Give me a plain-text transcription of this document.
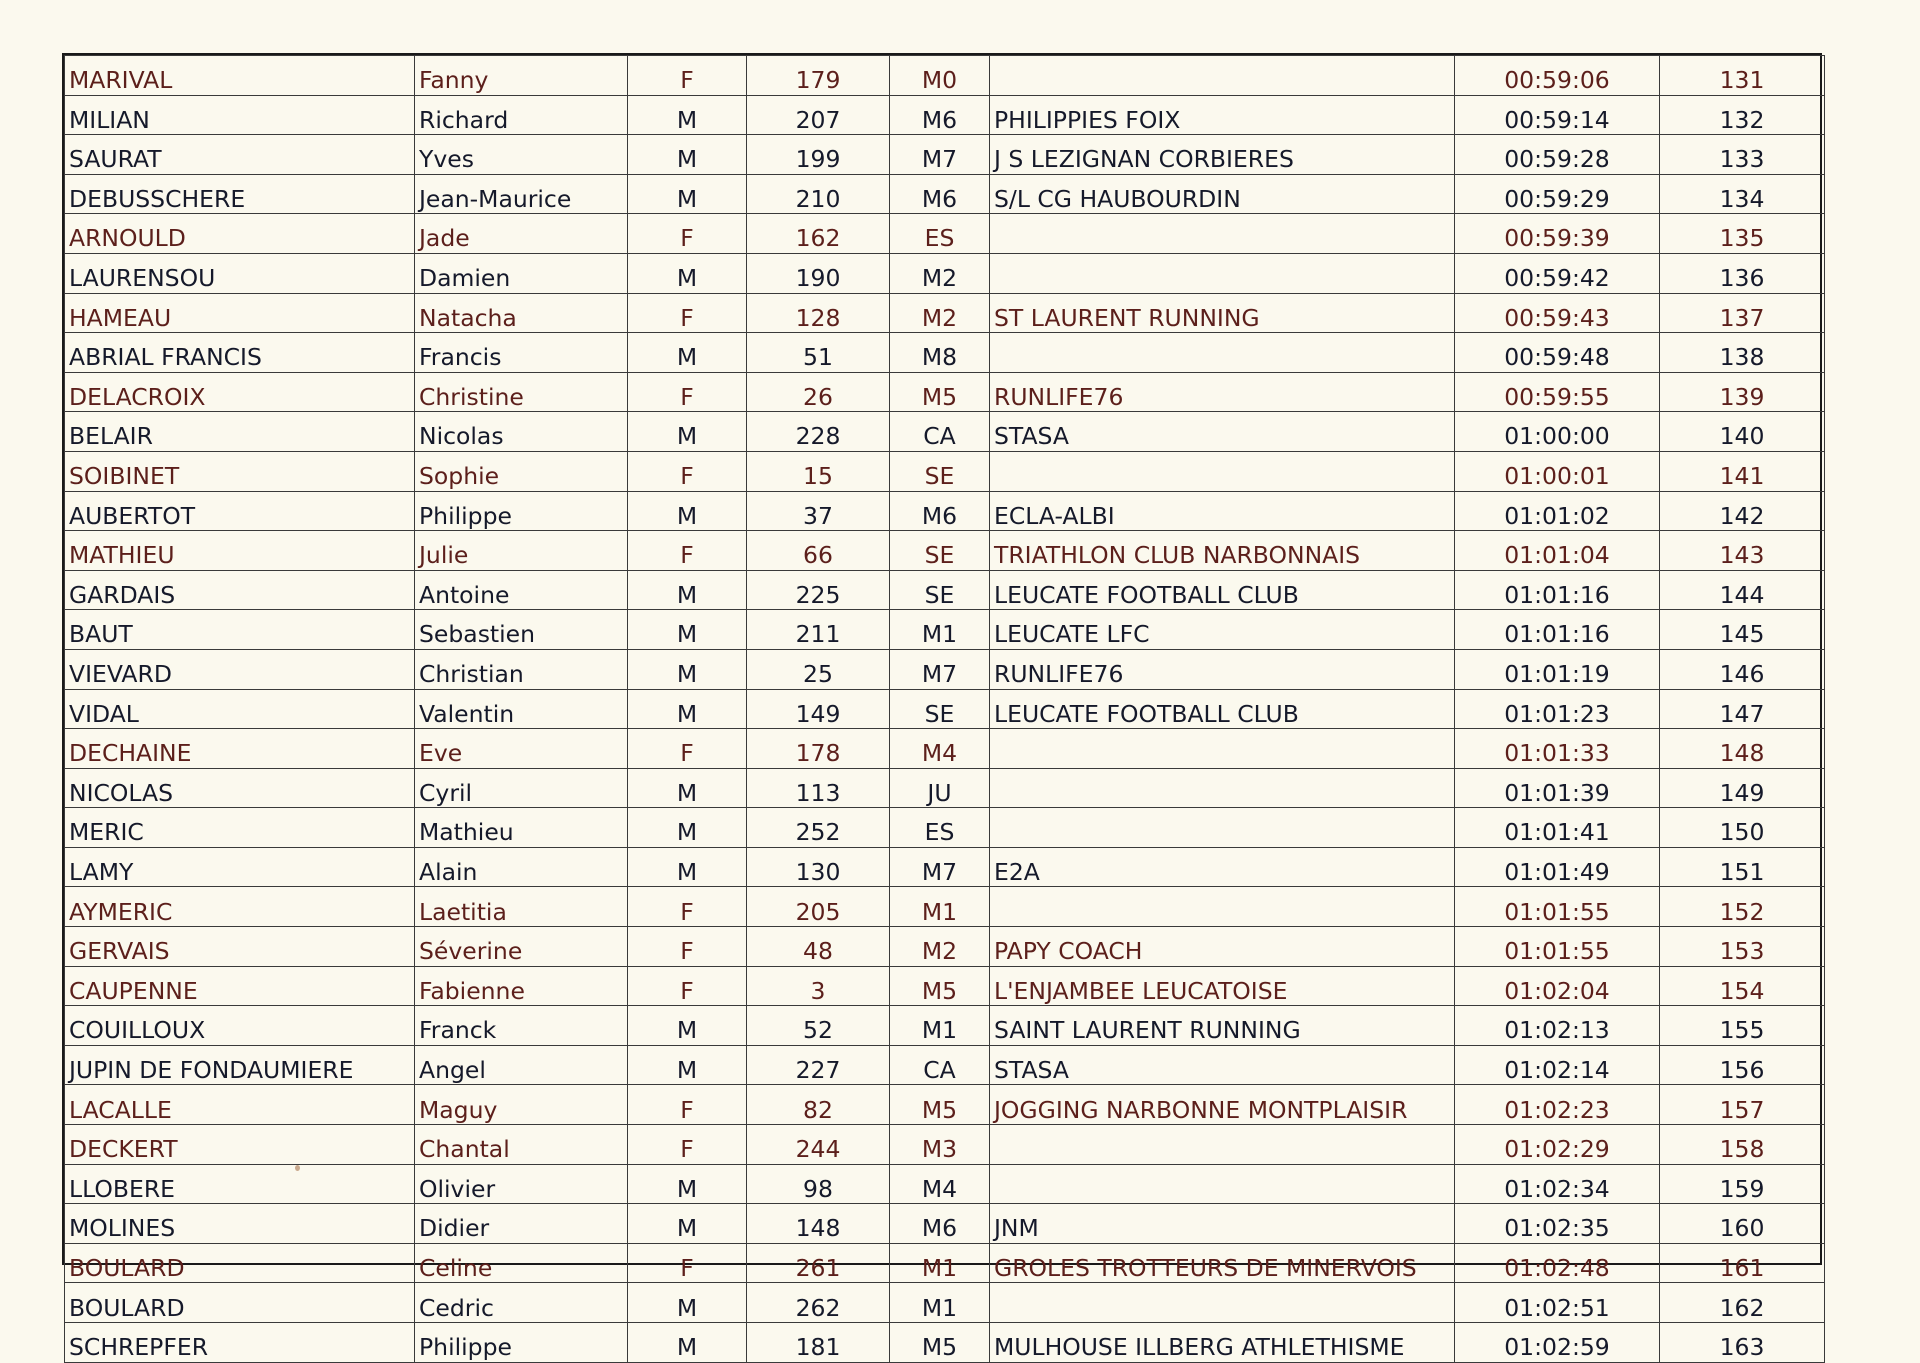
MARIVAL	Fanny	F	179	M0		00:59:06	131
MILIAN	Richard	M	207	M6	PHILIPPIES FOIX	00:59:14	132
SAURAT	Yves	M	199	M7	J S LEZIGNAN CORBIERES	00:59:28	133
DEBUSSCHERE	Jean-Maurice	M	210	M6	S/L CG HAUBOURDIN	00:59:29	134
ARNOULD	Jade	F	162	ES		00:59:39	135
LAURENSOU	Damien	M	190	M2		00:59:42	136
HAMEAU	Natacha	F	128	M2	ST LAURENT RUNNING	00:59:43	137
ABRIAL FRANCIS	Francis	M	51	M8		00:59:48	138
DELACROIX	Christine	F	26	M5	RUNLIFE76	00:59:55	139
BELAIR	Nicolas	M	228	CA	STASA	01:00:00	140
SOIBINET	Sophie	F	15	SE		01:00:01	141
AUBERTOT	Philippe	M	37	M6	ECLA-ALBI	01:01:02	142
MATHIEU	Julie	F	66	SE	TRIATHLON CLUB NARBONNAIS	01:01:04	143
GARDAIS	Antoine	M	225	SE	LEUCATE FOOTBALL CLUB	01:01:16	144
BAUT	Sebastien	M	211	M1	LEUCATE LFC	01:01:16	145
VIEVARD	Christian	M	25	M7	RUNLIFE76	01:01:19	146
VIDAL	Valentin	M	149	SE	LEUCATE FOOTBALL CLUB	01:01:23	147
DECHAINE	Eve	F	178	M4		01:01:33	148
NICOLAS	Cyril	M	113	JU		01:01:39	149
MERIC	Mathieu	M	252	ES		01:01:41	150
LAMY	Alain	M	130	M7	E2A	01:01:49	151
AYMERIC	Laetitia	F	205	M1		01:01:55	152
GERVAIS	Séverine	F	48	M2	PAPY COACH	01:01:55	153
CAUPENNE	Fabienne	F	3	M5	L'ENJAMBEE LEUCATOISE	01:02:04	154
COUILLOUX	Franck	M	52	M1	SAINT LAURENT RUNNING	01:02:13	155
JUPIN DE FONDAUMIERE	Angel	M	227	CA	STASA	01:02:14	156
LACALLE	Maguy	F	82	M5	JOGGING NARBONNE MONTPLAISIR	01:02:23	157
DECKERT	Chantal	F	244	M3		01:02:29	158
LLOBERE	Olivier	M	98	M4		01:02:34	159
MOLINES	Didier	M	148	M6	JNM	01:02:35	160
BOULARD	Celine	F	261	M1	GROLES TROTTEURS DE MINERVOIS	01:02:48	161
BOULARD	Cedric	M	262	M1		01:02:51	162
SCHREPFER	Philippe	M	181	M5	MULHOUSE ILLBERG ATHLETHISME	01:02:59	163
